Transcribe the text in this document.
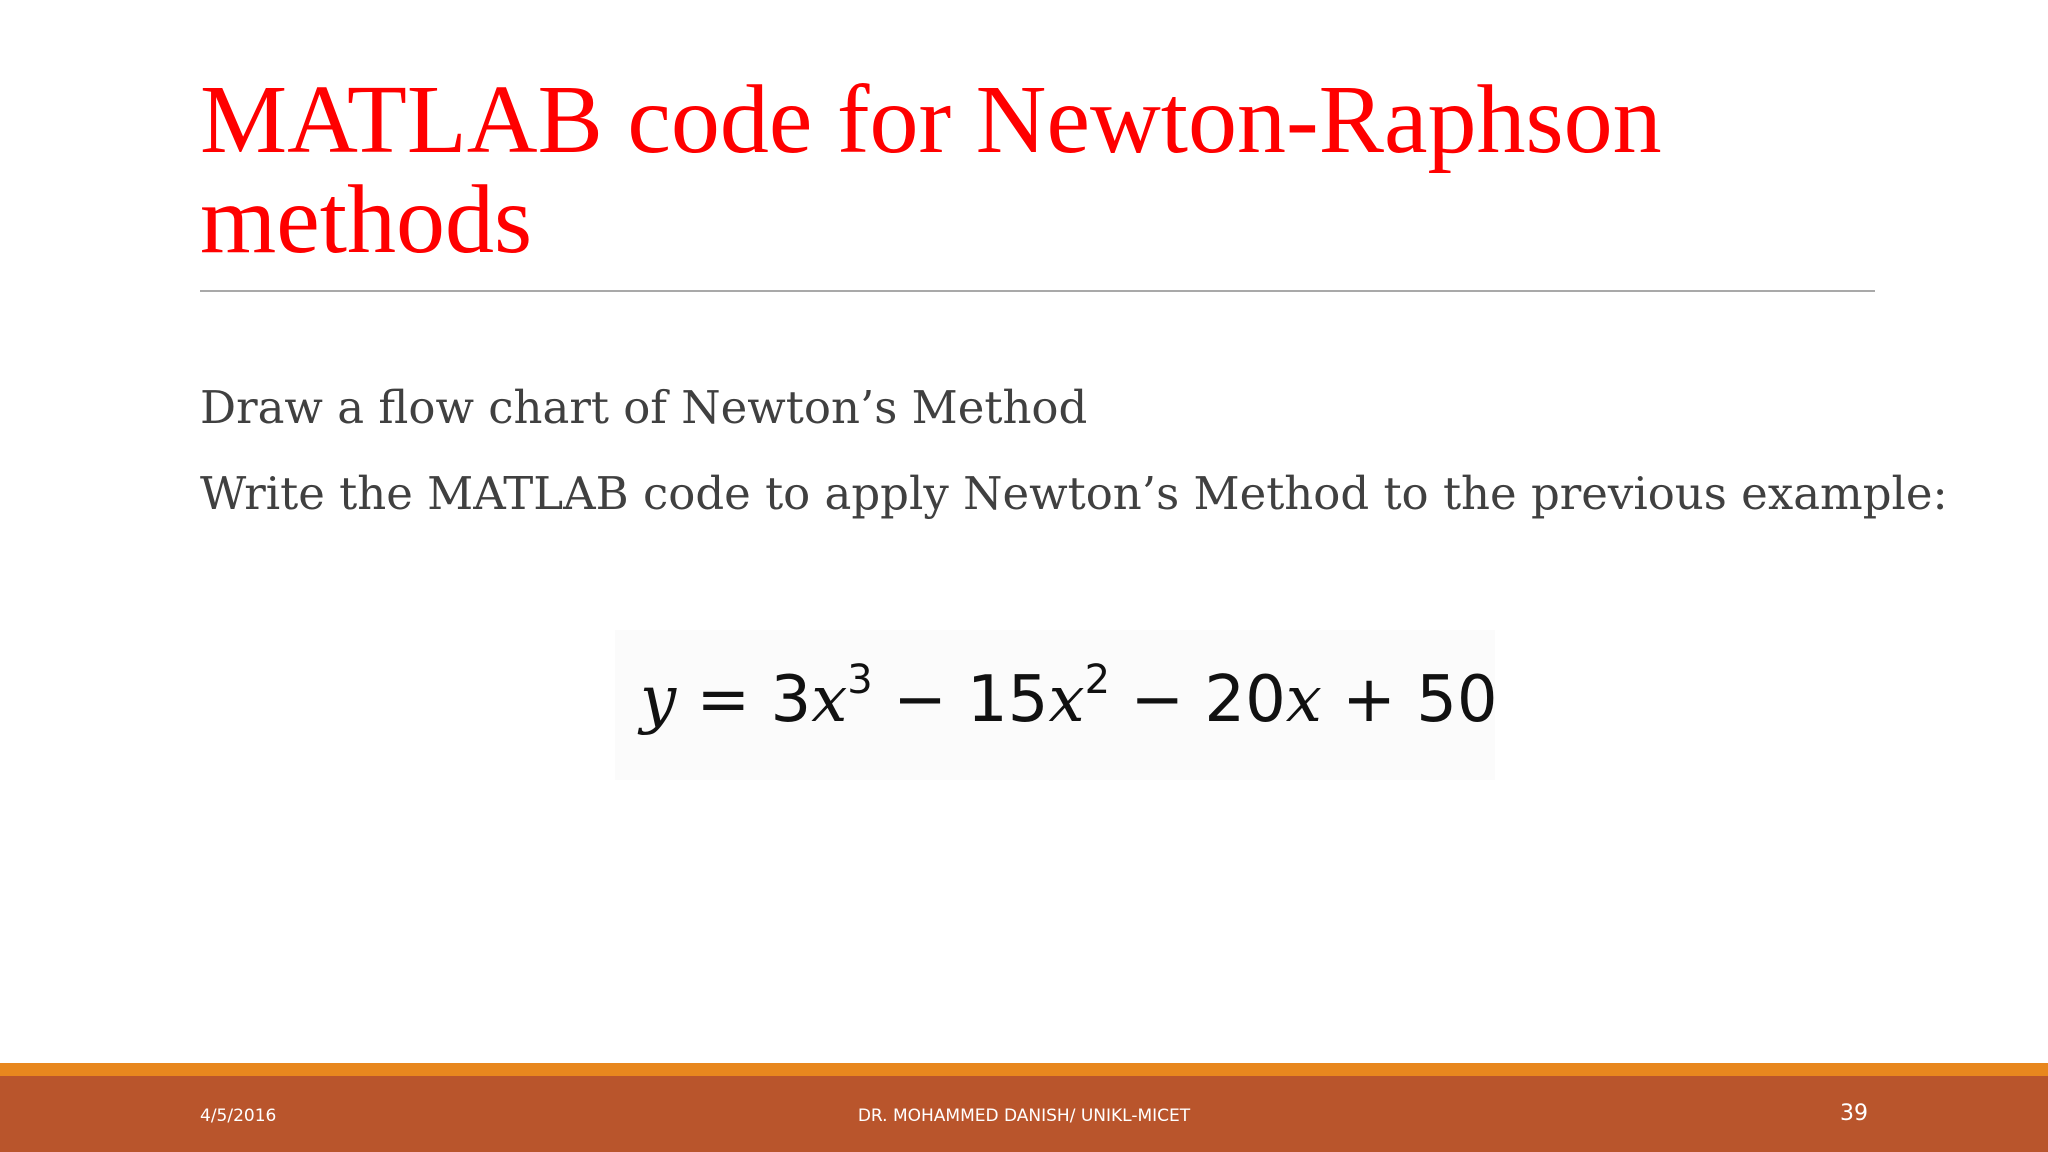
MATLAB code for Newton-Raphson methods
Draw a flow chart of Newton’s Method
Write the MATLAB code to apply Newton’s Method to the previous example:
$y = 3x^3 - 15x^2 - 20x + 50$
4/5/2016	DR. MOHAMMED DANISH/ UNIKL-MICET	39
